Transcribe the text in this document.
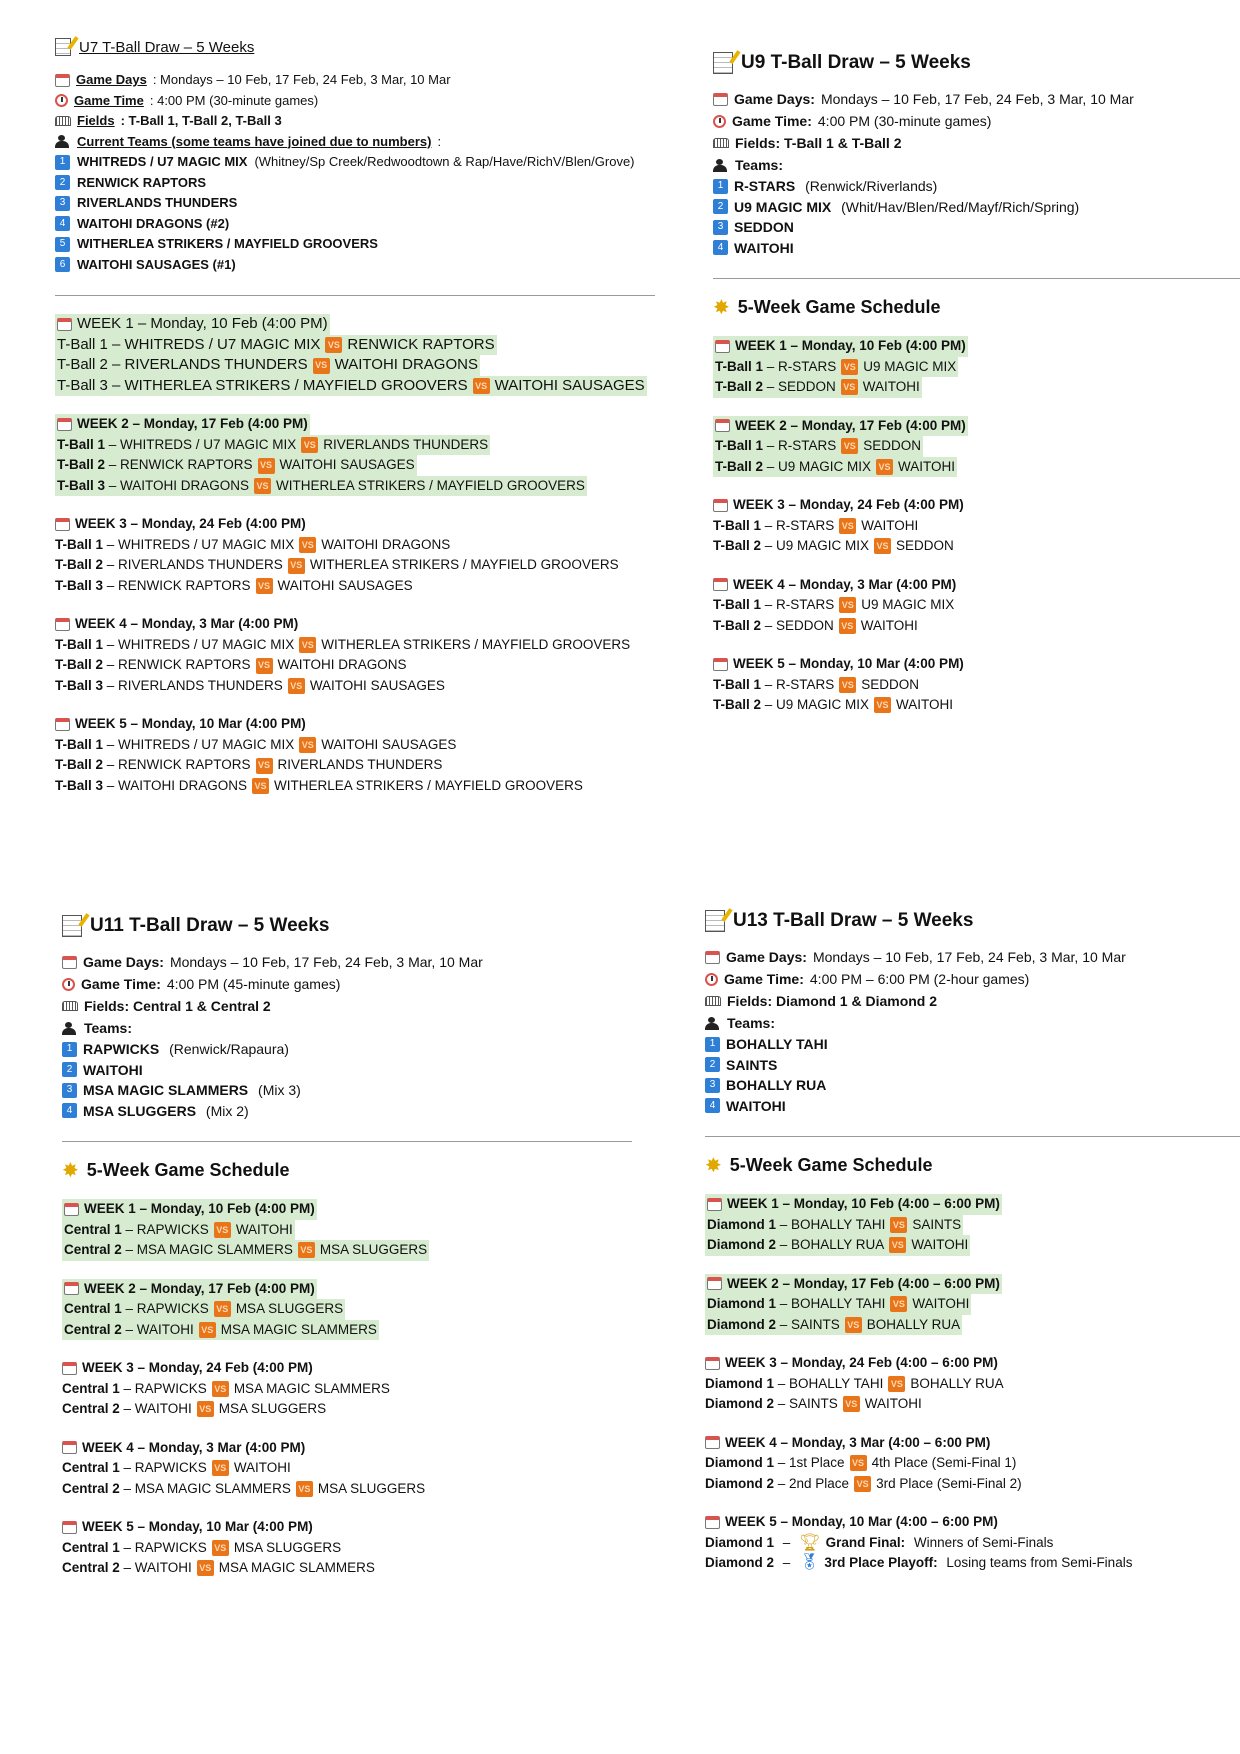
U7 T-Ball Draw – 5 Weeks
Game Days : Mondays – 10 Feb, 17 Feb, 24 Feb, 3 Mar, 10 Mar
Game Time : 4:00 PM (30-minute games)
Fields : T-Ball 1, T-Ball 2, T-Ball 3
Current Teams (some teams have joined due to numbers) :
1 WHITREDS / U7 MAGIC MIX (Whitney/Sp Creek/Redwoodtown & Rap/Have/RichV/Blen/Grove)
2 RENWICK RAPTORS
3 RIVERLANDS THUNDERS
4 WAITOHI DRAGONS (#2)
5 WITHERLEA STRIKERS / MAYFIELD GROOVERS
6 WAITOHI SAUSAGES (#1)
WEEK 1 – Monday, 10 Feb (4:00 PM)
T-Ball 1 – WHITREDS / U7 MAGIC MIX VS RENWICK RAPTORS
T-Ball 2 – RIVERLANDS THUNDERS VS WAITOHI DRAGONS
T-Ball 3 – WITHERLEA STRIKERS / MAYFIELD GROOVERS VS WAITOHI SAUSAGES
WEEK 2 – Monday, 17 Feb (4:00 PM)
T-Ball 1 – WHITREDS / U7 MAGIC MIX VS RIVERLANDS THUNDERS
T-Ball 2 – RENWICK RAPTORS VS WAITOHI SAUSAGES
T-Ball 3 – WAITOHI DRAGONS VS WITHERLEA STRIKERS / MAYFIELD GROOVERS
WEEK 3 – Monday, 24 Feb (4:00 PM)
T-Ball 1 – WHITREDS / U7 MAGIC MIX VS WAITOHI DRAGONS
T-Ball 2 – RIVERLANDS THUNDERS VS WITHERLEA STRIKERS / MAYFIELD GROOVERS
T-Ball 3 – RENWICK RAPTORS VS WAITOHI SAUSAGES
WEEK 4 – Monday, 3 Mar (4:00 PM)
T-Ball 1 – WHITREDS / U7 MAGIC MIX VS WITHERLEA STRIKERS / MAYFIELD GROOVERS
T-Ball 2 – RENWICK RAPTORS VS WAITOHI DRAGONS
T-Ball 3 – RIVERLANDS THUNDERS VS WAITOHI SAUSAGES
WEEK 5 – Monday, 10 Mar (4:00 PM)
T-Ball 1 – WHITREDS / U7 MAGIC MIX VS WAITOHI SAUSAGES
T-Ball 2 – RENWICK RAPTORS VS RIVERLANDS THUNDERS
T-Ball 3 – WAITOHI DRAGONS VS WITHERLEA STRIKERS / MAYFIELD GROOVERS
U9 T-Ball Draw – 5 Weeks
Game Days: Mondays – 10 Feb, 17 Feb, 24 Feb, 3 Mar, 10 Mar
Game Time: 4:00 PM (30-minute games)
Fields: T-Ball 1 & T-Ball 2
Teams:
1 R-STARS (Renwick/Riverlands)
2 U9 MAGIC MIX (Whit/Hav/Blen/Red/Mayf/Rich/Spring)
3 SEDDON
4 WAITOHI
✸ 5-Week Game Schedule
WEEK 1 – Monday, 10 Feb (4:00 PM)
T-Ball 1 – R-STARS VS U9 MAGIC MIX
T-Ball 2 – SEDDON VS WAITOHI
WEEK 2 – Monday, 17 Feb (4:00 PM)
T-Ball 1 – R-STARS VS SEDDON
T-Ball 2 – U9 MAGIC MIX VS WAITOHI
WEEK 3 – Monday, 24 Feb (4:00 PM)
T-Ball 1 – R-STARS VS WAITOHI
T-Ball 2 – U9 MAGIC MIX VS SEDDON
WEEK 4 – Monday, 3 Mar (4:00 PM)
T-Ball 1 – R-STARS VS U9 MAGIC MIX
T-Ball 2 – SEDDON VS WAITOHI
WEEK 5 – Monday, 10 Mar (4:00 PM)
T-Ball 1 – R-STARS VS SEDDON
T-Ball 2 – U9 MAGIC MIX VS WAITOHI
U11 T-Ball Draw – 5 Weeks
Game Days: Mondays – 10 Feb, 17 Feb, 24 Feb, 3 Mar, 10 Mar
Game Time: 4:00 PM (45-minute games)
Fields: Central 1 & Central 2
Teams:
1 RAPWICKS (Renwick/Rapaura)
2 WAITOHI
3 MSA MAGIC SLAMMERS (Mix 3)
4 MSA SLUGGERS (Mix 2)
✸ 5-Week Game Schedule
WEEK 1 – Monday, 10 Feb (4:00 PM)
Central 1 – RAPWICKS VS WAITOHI
Central 2 – MSA MAGIC SLAMMERS VS MSA SLUGGERS
WEEK 2 – Monday, 17 Feb (4:00 PM)
Central 1 – RAPWICKS VS MSA SLUGGERS
Central 2 – WAITOHI VS MSA MAGIC SLAMMERS
WEEK 3 – Monday, 24 Feb (4:00 PM)
Central 1 – RAPWICKS VS MSA MAGIC SLAMMERS
Central 2 – WAITOHI VS MSA SLUGGERS
WEEK 4 – Monday, 3 Mar (4:00 PM)
Central 1 – RAPWICKS VS WAITOHI
Central 2 – MSA MAGIC SLAMMERS VS MSA SLUGGERS
WEEK 5 – Monday, 10 Mar (4:00 PM)
Central 1 – RAPWICKS VS MSA SLUGGERS
Central 2 – WAITOHI VS MSA MAGIC SLAMMERS
U13 T-Ball Draw – 5 Weeks
Game Days: Mondays – 10 Feb, 17 Feb, 24 Feb, 3 Mar, 10 Mar
Game Time: 4:00 PM – 6:00 PM (2-hour games)
Fields: Diamond 1 & Diamond 2
Teams:
1 BOHALLY TAHI
2 SAINTS
3 BOHALLY RUA
4 WAITOHI
✸ 5-Week Game Schedule
WEEK 1 – Monday, 10 Feb (4:00 – 6:00 PM)
Diamond 1 – BOHALLY TAHI VS SAINTS
Diamond 2 – BOHALLY RUA VS WAITOHI
WEEK 2 – Monday, 17 Feb (4:00 – 6:00 PM)
Diamond 1 – BOHALLY TAHI VS WAITOHI
Diamond 2 – SAINTS VS BOHALLY RUA
WEEK 3 – Monday, 24 Feb (4:00 – 6:00 PM)
Diamond 1 – BOHALLY TAHI VS BOHALLY RUA
Diamond 2 – SAINTS VS WAITOHI
WEEK 4 – Monday, 3 Mar (4:00 – 6:00 PM)
Diamond 1 – 1st Place VS 4th Place (Semi-Final 1)
Diamond 2 – 2nd Place VS 3rd Place (Semi-Final 2)
WEEK 5 – Monday, 10 Mar (4:00 – 6:00 PM)
Diamond 1 – 🏆︎ Grand Final: Winners of Semi-Finals
Diamond 2 – 🏅︎ 3rd Place Playoff: Losing teams from Semi-Finals
